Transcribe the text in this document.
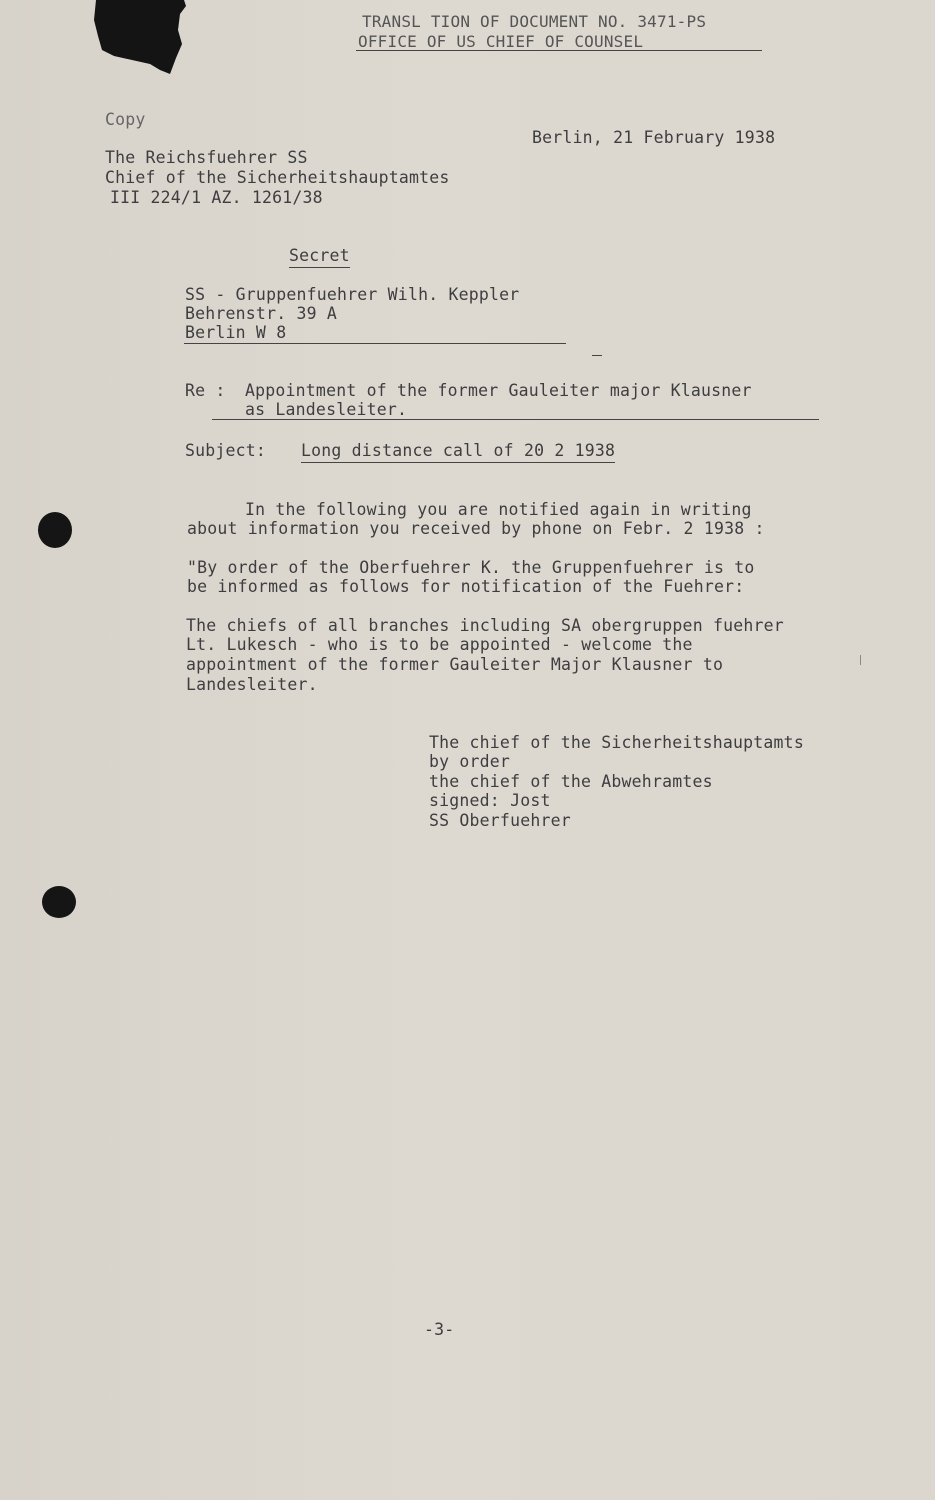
TRANSL TION OF DOCUMENT NO. 3471-PS
OFFICE OF US CHIEF OF COUNSEL
Copy
Berlin, 21 February 1938
The Reichsfuehrer SS
Chief of the Sicherheitshauptamtes
III 224/1 AZ. 1261/38
Secret
SS - Gruppenfuehrer Wilh. Keppler
Behrenstr. 39 A
Berlin W 8
Re : Appointment of the former Gauleiter major Klausner
as Landesleiter.
Subject: Long distance call of 20 2 1938
In the following you are notified again in writing
about information you received by phone on Febr. 2 1938 :
"By order of the Oberfuehrer K. the Gruppenfuehrer is to
be informed as follows for notification of the Fuehrer:
The chiefs of all branches including SA obergruppen fuehrer
Lt. Lukesch - who is to be appointed - welcome the
appointment of the former Gauleiter Major Klausner to
Landesleiter.
The chief of the Sicherheitshauptamts
by order
the chief of the Abwehramtes
signed: Jost
SS Oberfuehrer
-3-
